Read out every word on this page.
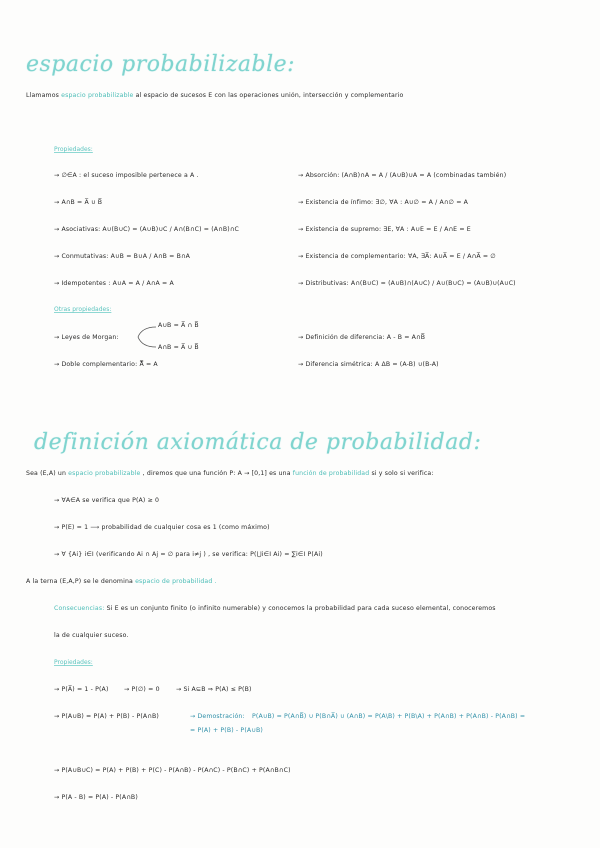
espacio probabilizable:
Llamamos espacio probabilizable al espacio de sucesos E con las operaciones unión, intersección y complementario
Propiedades:
→ ∅∈A : el suceso imposible pertenece a A .
→ A∩B = A̅ ∪ B̅
→ Asociativas: A∪(B∪C) = (A∪B)∪C / A∩(B∩C) = (A∩B)∩C
→ Conmutativas: A∪B = B∪A / A∩B = B∩A
→ Idempotentes : A∪A = A / A∩A = A
→ Absorción: (A∩B)∩A = A / (A∪B)∪A = A (combinadas también)
→ Existencia de ínfimo: ∃∅, ∀A : A∪∅ = A / A∩∅ = A
→ Existencia de supremo: ∃E, ∀A : A∪E = E / A∩E = E
→ Existencia de complementario: ∀A, ∃A̅: A∪A̅ = E / A∩A̅ = ∅
→ Distributivas: A∩(B∪C) = (A∪B)∩(A∪C) / A∪(B∪C) = (A∪B)∪(A∪C)
Otras propiedades:
→ Leyes de Morgan:
A∪B = A̅ ∩ B̅
A∩B = A̅ ∪ B̅
→ Doble complementario: A̿ = A
→ Definición de diferencia: A - B = A∩B̅
→ Diferencia simétrica: A ΔB = (A-B) ∪(B-A)
definición axiomática de probabilidad:
Sea (E,A) un espacio probabilizable , diremos que una función P: A → [0,1] es una función de probabilidad si y solo si verifica:
→ ∀A∈A se verifica que P(A) ≥ 0
→ P(E) = 1 ⟶ probabilidad de cualquier cosa es 1 (como máximo)
→ ∀ {Ai} i∈I (verificando Ai ∩ Aj = ∅ para i≠j ) , se verifica: P(⋃i∈I Ai) = ∑i∈I P(Ai)
A la terna (E,A,P) se le denomina espacio de probabilidad .
Consecuencias: Si E es un conjunto finito (o infinito numerable) y conocemos la probabilidad para cada suceso elemental, conoceremos
la de cualquier suceso.
Propiedades:
→ P(A̅) = 1 - P(A) → P(∅) = 0	→ Si A⊆B ⇒ P(A) ≤ P(B)
→ P(A∪B) = P(A) + P(B) - P(A∩B)	→ Demostración: P(A∪B) = P(A∩B̅) ∪ P(B∩A̅) ∪ (A∩B) = P(A\B) + P(B\A) + P(A∩B) + P(A∩B) - P(A∩B) =
= P(A) + P(B) - P(A∪B)
→ P(A∪B∪C) = P(A) + P(B) + P(C) - P(A∩B) - P(A∩C) - P(B∩C) + P(A∩B∩C)
→ P(A - B) = P(A) - P(A∩B)
